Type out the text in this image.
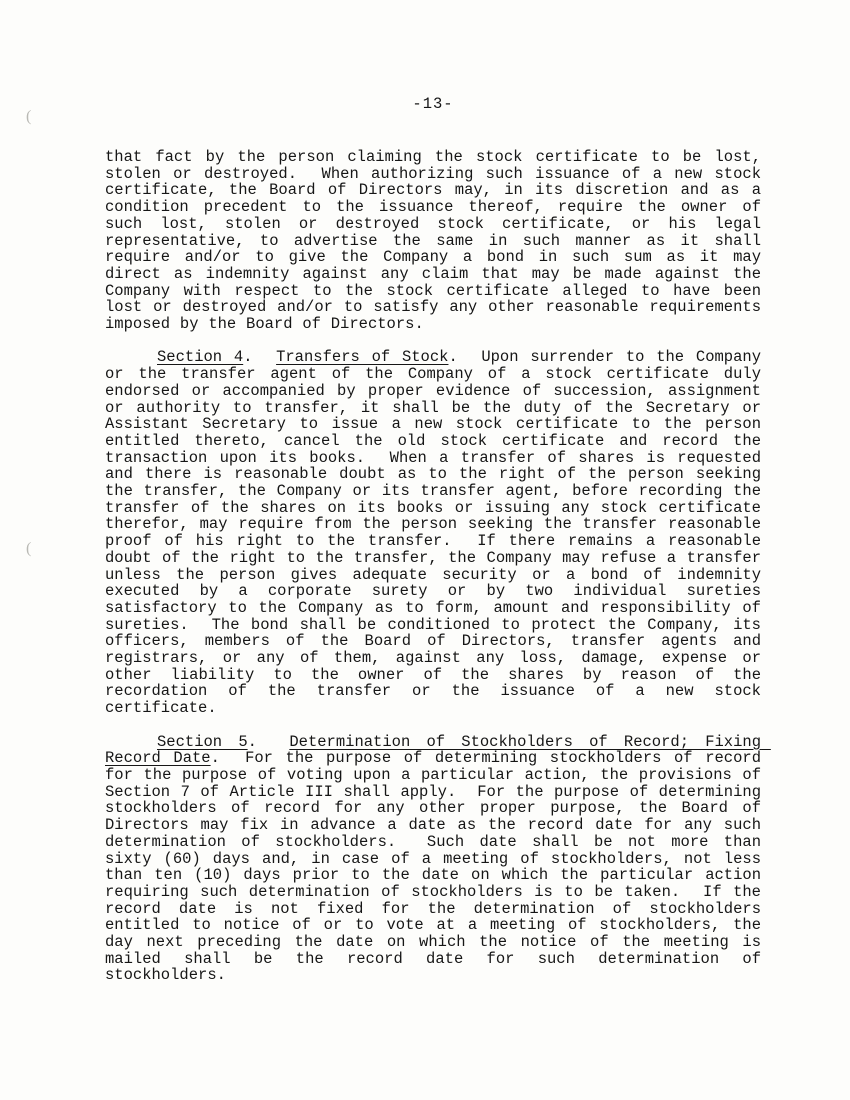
(
(
-13-

that fact by the person claiming the stock certificate to be lost, stolen or destroyed.  When authorizing such issuance of a new stock certificate, the Board of Directors may, in its discretion and as a condition precedent to the issuance thereof, require the owner of such lost, stolen or destroyed stock certificate, or his legal representative, to advertise the same in such manner as it shall require and/or to give the Company a bond in such sum as it may direct as indemnity against any claim that may be made against the Company with respect to the stock certificate alleged to have been lost or destroyed and/or to satisfy any other reasonable requirements imposed by the Board of Directors.

Section 4.  Transfers of Stock.  Upon surrender to the Company or the transfer agent of the Company of a stock certificate duly endorsed or accompanied by proper evidence of succession, assignment or authority to transfer, it shall be the duty of the Secretary or Assistant Secretary to issue a new stock certificate to the person entitled thereto, cancel the old stock certificate and record the transaction upon its books.  When a transfer of shares is requested and there is reasonable doubt as to the right of the person seeking the transfer, the Company or its transfer agent, before recording the transfer of the shares on its books or issuing any stock certificate therefor, may require from the person seeking the transfer reasonable proof of his right to the transfer.  If there remains a reasonable doubt of the right to the transfer, the Company may refuse a transfer unless the person gives adequate security or a bond of indemnity executed by a corporate surety or by two individual sureties satisfactory to the Company as to form, amount and responsibility of sureties.  The bond shall be conditioned to protect the Company, its officers, members of the Board of Directors, transfer agents and registrars, or any of them, against any loss, damage, expense or other liability to the owner of the shares by reason of the recordation of the transfer or the issuance of a new stock certificate.

Section 5.  Determination of Stockholders of Record; Fixing Record Date.  For the purpose of determining stockholders of record for the purpose of voting upon a particular action, the provisions of Section 7 of Article III shall apply.  For the purpose of determining stockholders of record for any other proper purpose, the Board of Directors may fix in advance a date as the record date for any such determination of stockholders.  Such date shall be not more than sixty (60) days and, in case of a meeting of stockholders, not less than ten (10) days prior to the date on which the particular action requiring such determination of stockholders is to be taken.  If the record date is not fixed for the determination of stockholders entitled to notice of or to vote at a meeting of stockholders, the day next preceding the date on which the notice of the meeting is mailed shall be the record date for such determination of stockholders.
